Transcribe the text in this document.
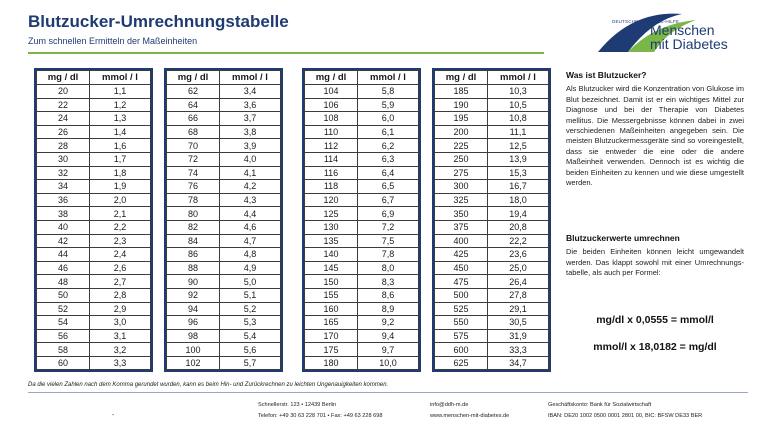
Blutzucker-Umrechnungstabelle
Zum schnellen Ermitteln der Maßeinheiten
DEUTSCHE DIABETES-HILFE
Menschen
mit Diabetes
mg / dl	mmol / l
20	1,1
22	1,2
24	1,3
26	1,4
28	1,6
30	1,7
32	1,8
34	1,9
36	2,0
38	2,1
40	2,2
42	2,3
44	2,4
46	2,6
48	2,7
50	2,8
52	2,9
54	3,0
56	3,1
58	3,2
60	3,3
mg / dl	mmol / l
62	3,4
64	3,6
66	3,7
68	3,8
70	3,9
72	4,0
74	4,1
76	4,2
78	4,3
80	4,4
82	4,6
84	4,7
86	4,8
88	4,9
90	5,0
92	5,1
94	5,2
96	5,3
98	5,4
100	5,6
102	5,7
mg / dl	mmol / l
104	5,8
106	5,9
108	6,0
110	6,1
112	6,2
114	6,3
116	6,4
118	6,5
120	6,7
125	6,9
130	7,2
135	7,5
140	7,8
145	8,0
150	8,3
155	8,6
160	8,9
165	9,2
170	9,4
175	9,7
180	10,0
mg / dl	mmol / l
185	10,3
190	10,5
195	10,8
200	11,1
225	12,5
250	13,9
275	15,3
300	16,7
325	18,0
350	19,4
375	20,8
400	22,2
425	23,6
450	25,0
475	26,4
500	27,8
525	29,1
550	30,5
575	31,9
600	33,3
625	34,7
Was ist Blutzucker?

Als Blutzucker wird die Konzentration von Glukose im Blut bezeichnet. Damit ist er ein wichtiges Mittel zur Diagnose und bei der Therapie von Diabetes mellitus. Die Messergebnisse können dabei in zwei verschiedenen Maßeinheiten angegeben sein. Die meisten Blutzuckermessgeräte sind so voreingestellt, dass sie entweder die eine oder die andere Maßeinheit verwenden. Dennoch ist es wichtig die beiden Einheiten zu kennen und wie diese umgestellt werden.

Blutzuckerwerte umrechnen

Die beiden Einheiten können leicht umgewandelt werden. Das klappt sowohl mit einer Umrechnungs-tabelle, als auch per Formel:

mg/dl x 0,0555 = mmol/l
mmol/l x 18,0182 = mg/dl
Da die vielen Zahlen nach dem Komma gerundet wurden, kann es beim Hin- und Zurückrechnen zu leichten Ungenauigkeiten kommen.
-
Schnellerstr. 123 • 12439 Berlin
Telefon: +49 30 63 228 701 • Fax: +49 63 228 698
info@ddh-m.de
www.menschen-mit-diabetes.de
Geschäftskonto: Bank für Sozialwirtschaft
IBAN: DE20 1002 0500 0001 2801 00, BIC: BFSW DE33 BER
